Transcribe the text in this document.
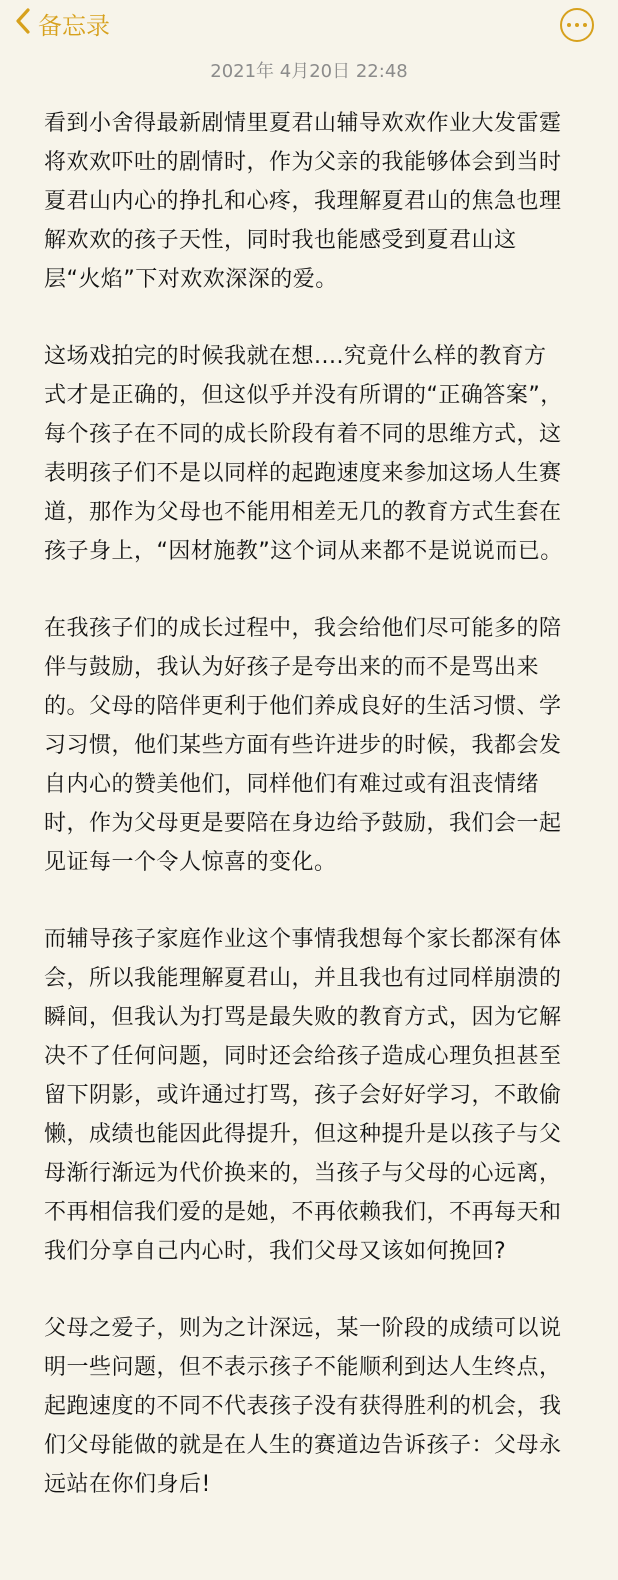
备忘录
2021年 4月20日 22:48

看到小舍得最新剧情里夏君山辅导欢欢作业大发雷霆将欢欢吓吐的剧情时，作为父亲的我能够体会到当时夏君山内心的挣扎和心疼，我理解夏君山的焦急也理解欢欢的孩子天性，同时我也能感受到夏君山这层“火焰”下对欢欢深深的爱。

这场戏拍完的时候我就在想....究竟什么样的教育方式才是正确的，但这似乎并没有所谓的“正确答案”，每个孩子在不同的成长阶段有着不同的思维方式，这表明孩子们不是以同样的起跑速度来参加这场人生赛道，那作为父母也不能用相差无几的教育方式生套在孩子身上，“因材施教”这个词从来都不是说说而已。

在我孩子们的成长过程中，我会给他们尽可能多的陪伴与鼓励，我认为好孩子是夸出来的而不是骂出来的。父母的陪伴更利于他们养成良好的生活习惯、学习习惯，他们某些方面有些许进步的时候，我都会发自内心的赞美他们，同样他们有难过或有沮丧情绪时，作为父母更是要陪在身边给予鼓励，我们会一起见证每一个令人惊喜的变化。

而辅导孩子家庭作业这个事情我想每个家长都深有体会，所以我能理解夏君山，并且我也有过同样崩溃的瞬间，但我认为打骂是最失败的教育方式，因为它解决不了任何问题，同时还会给孩子造成心理负担甚至留下阴影，或许通过打骂，孩子会好好学习，不敢偷懒，成绩也能因此得提升，但这种提升是以孩子与父母渐行渐远为代价换来的，当孩子与父母的心远离，不再相信我们爱的是她，不再依赖我们，不再每天和我们分享自己内心时，我们父母又该如何挽回?

父母之爱子，则为之计深远，某一阶段的成绩可以说明一些问题，但不表示孩子不能顺利到达人生终点，起跑速度的不同不代表孩子没有获得胜利的机会，我们父母能做的就是在人生的赛道边告诉孩子：父母永远站在你们身后!
